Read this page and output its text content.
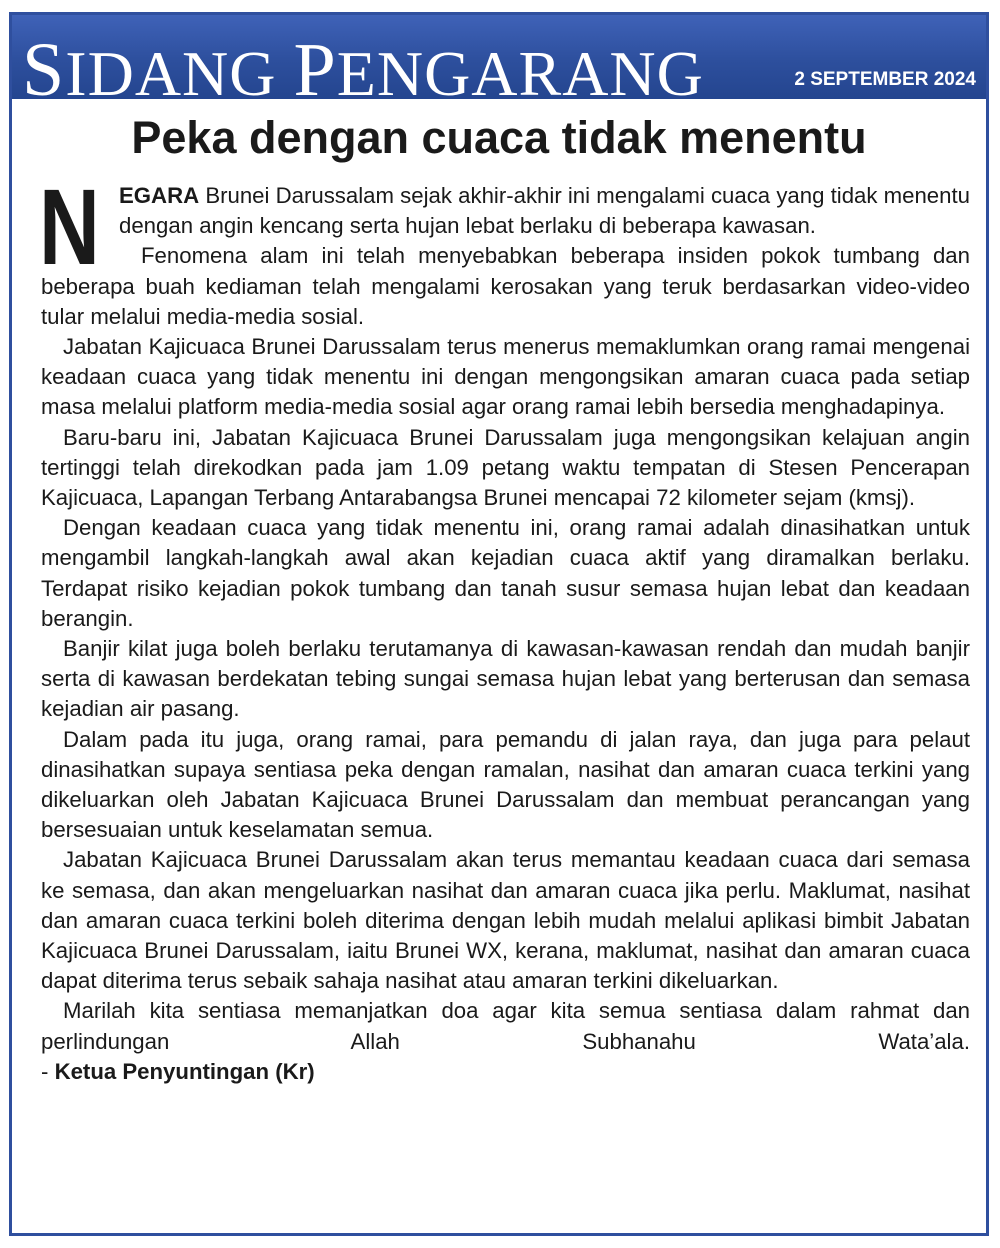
SIDANG PENGARANG	2 SEPTEMBER 2024
Peka dengan cuaca tidak menentu

NEGARA Brunei Darussalam sejak akhir-akhir ini mengalami cuaca yang tidak menentu dengan angin kencang serta hujan lebat berlaku di beberapa kawasan.

Fenomena alam ini telah menyebabkan beberapa insiden pokok tumbang dan beberapa buah kediaman telah mengalami kerosakan yang teruk berdasarkan video-video tular melalui media-media sosial.

Jabatan Kajicuaca Brunei Darussalam terus menerus memaklumkan orang ramai mengenai keadaan cuaca yang tidak menentu ini dengan mengongsikan amaran cuaca pada setiap masa melalui platform media-media sosial agar orang ramai lebih bersedia menghadapinya.

Baru-baru ini, Jabatan Kajicuaca Brunei Darussalam juga mengongsikan kelajuan angin tertinggi telah direkodkan pada jam 1.09 petang waktu tempatan di Stesen Pencerapan Kajicuaca, Lapangan Terbang Antarabangsa Brunei mencapai 72 kilometer sejam (kmsj).

Dengan keadaan cuaca yang tidak menentu ini, orang ramai adalah dinasihatkan untuk mengambil langkah-langkah awal akan kejadian cuaca aktif yang diramalkan berlaku. Terdapat risiko kejadian pokok tumbang dan tanah susur semasa hujan lebat dan keadaan berangin.

Banjir kilat juga boleh berlaku terutamanya di kawasan-kawasan rendah dan mudah banjir serta di kawasan berdekatan tebing sungai semasa hujan lebat yang berterusan dan semasa kejadian air pasang.

Dalam pada itu juga, orang ramai, para pemandu di jalan raya, dan juga para pelaut dinasihatkan supaya sentiasa peka dengan ramalan, nasihat dan amaran cuaca terkini yang dikeluarkan oleh Jabatan Kajicuaca Brunei Darussalam dan membuat perancangan yang bersesuaian untuk keselamatan semua.

Jabatan Kajicuaca Brunei Darussalam akan terus memantau keadaan cuaca dari semasa ke semasa, dan akan mengeluarkan nasihat dan amaran cuaca jika perlu. Maklumat, nasihat dan amaran cuaca terkini boleh diterima dengan lebih mudah melalui aplikasi bimbit Jabatan Kajicuaca Brunei Darussalam, iaitu Brunei WX, kerana, maklumat, nasihat dan amaran cuaca dapat diterima terus sebaik sahaja nasihat atau amaran terkini dikeluarkan.

Marilah kita sentiasa memanjatkan doa agar kita semua sentiasa dalam rahmat dan perlindungan Allah Subhanahu Wata’ala.

- Ketua Penyuntingan (Kr)
